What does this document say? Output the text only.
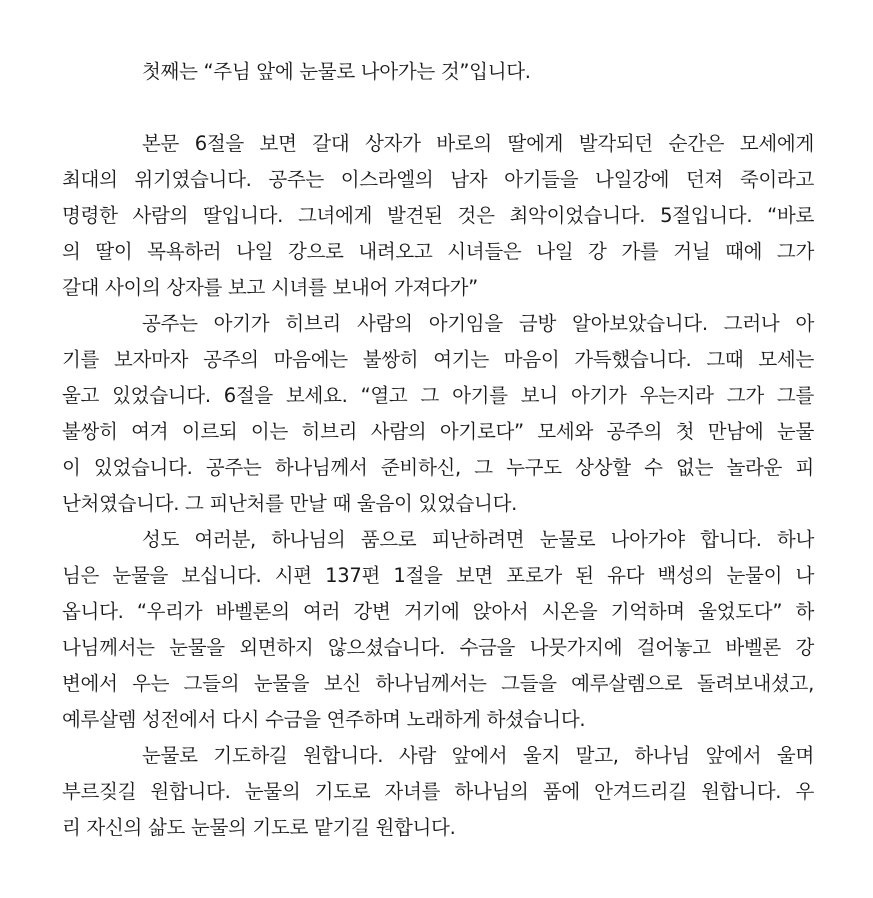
첫째는 “주님 앞에 눈물로 나아가는 것”입니다.
본문 6절을 보면 갈대 상자가 바로의 딸에게 발각되던 순간은 모세에게
최대의 위기였습니다. 공주는 이스라엘의 남자 아기들을 나일강에 던져 죽이라고
명령한 사람의 딸입니다. 그녀에게 발견된 것은 최악이었습니다. 5절입니다. “바로
의 딸이 목욕하러 나일 강으로 내려오고 시녀들은 나일 강 가를 거닐 때에 그가
갈대 사이의 상자를 보고 시녀를 보내어 가져다가”
공주는 아기가 히브리 사람의 아기임을 금방 알아보았습니다. 그러나 아
기를 보자마자 공주의 마음에는 불쌍히 여기는 마음이 가득했습니다. 그때 모세는
울고 있었습니다. 6절을 보세요. “열고 그 아기를 보니 아기가 우는지라 그가 그를
불쌍히 여겨 이르되 이는 히브리 사람의 아기로다” 모세와 공주의 첫 만남에 눈물
이 있었습니다. 공주는 하나님께서 준비하신, 그 누구도 상상할 수 없는 놀라운 피
난처였습니다. 그 피난처를 만날 때 울음이 있었습니다.
성도 여러분, 하나님의 품으로 피난하려면 눈물로 나아가야 합니다. 하나
님은 눈물을 보십니다. 시편 137편 1절을 보면 포로가 된 유다 백성의 눈물이 나
옵니다. “우리가 바벨론의 여러 강변 거기에 앉아서 시온을 기억하며 울었도다” 하
나님께서는 눈물을 외면하지 않으셨습니다. 수금을 나뭇가지에 걸어놓고 바벨론 강
변에서 우는 그들의 눈물을 보신 하나님께서는 그들을 예루살렘으로 돌려보내셨고,
예루살렘 성전에서 다시 수금을 연주하며 노래하게 하셨습니다.
눈물로 기도하길 원합니다. 사람 앞에서 울지 말고, 하나님 앞에서 울며
부르짖길 원합니다. 눈물의 기도로 자녀를 하나님의 품에 안겨드리길 원합니다. 우
리 자신의 삶도 눈물의 기도로 맡기길 원합니다.
